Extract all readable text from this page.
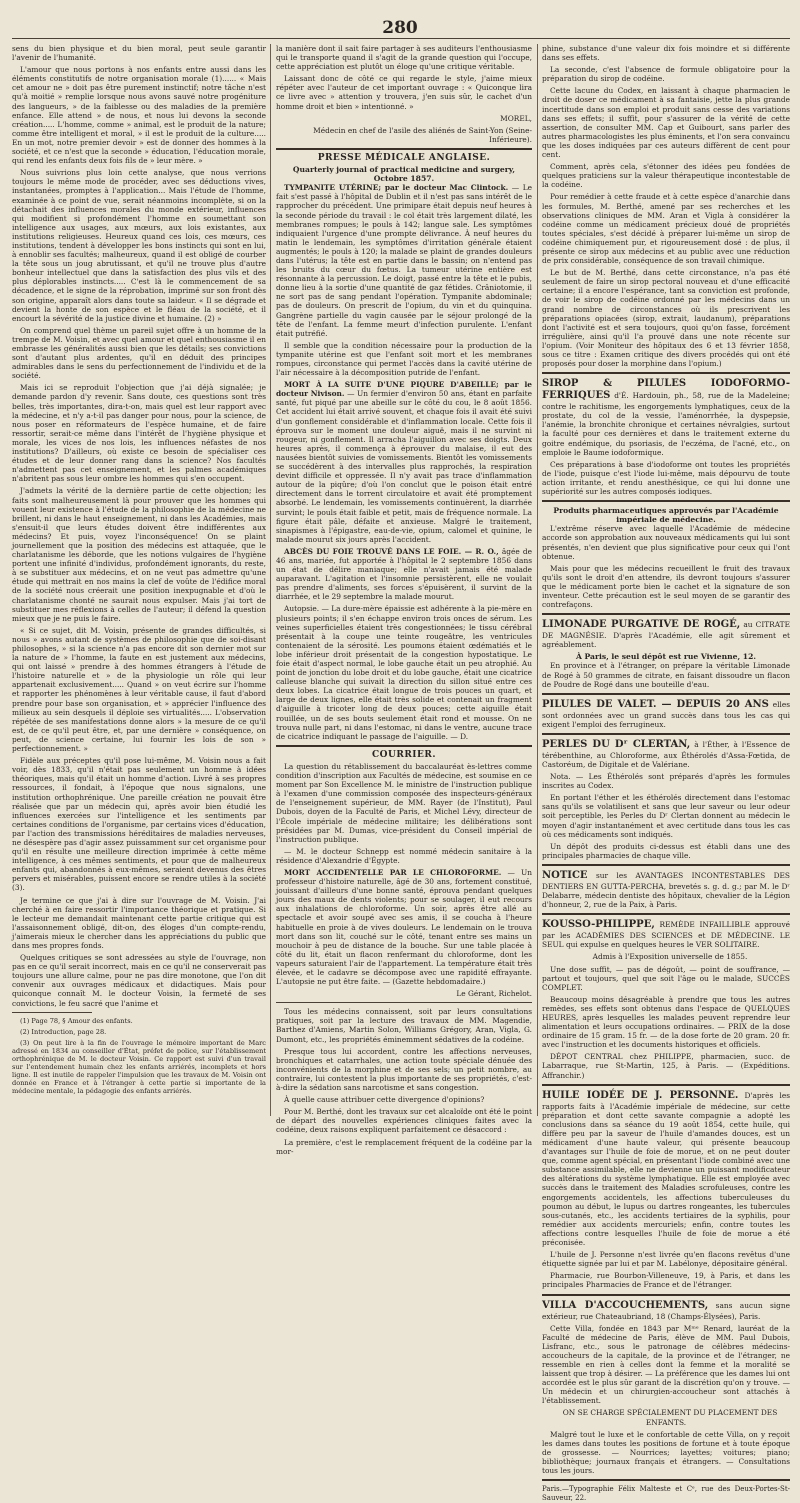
280

sens du bien physique et du bien moral, peut seule garantir l'avenir de l'humanité.

L'amour que nous portons à nos enfants entre aussi dans les éléments constitutifs de notre organisation morale (1)...... « Mais cet amour ne » doit pas être purement instinctif; notre tâche n'est qu'à moitié » remplie lorsque nous avons sauvé notre progéniture des langueurs, » de la faiblesse ou des maladies de la première enfance. Elle attend » de nous, et nous lui devons la seconde création..... L'homme, comme » animal, est le produit de la nature; comme être intelligent et moral, » il est le produit de la culture..... En un mot, notre premier devoir » est de donner des hommes à la société, et ce n'est que la seconde » éducation, l'éducation morale, qui rend les enfants deux fois fils de » leur mère. »

Nous suivrions plus loin cette analyse, que nous verrions toujours le même mode de procéder, avec ses déductions vives, instantanées, promptes à l'application... Mais l'étude de l'homme, examinée à ce point de vue, serait néanmoins incomplète, si on la détachait des influences morales du monde extérieur, influences qui modifient si profondément l'homme en soumettant son intelligence aux usages, aux mœurs, aux lois existantes, aux institutions religieuses. Heureux quand ces lois, ces mœurs, ces institutions, tendent à développer les bons instincts qui sont en lui, à ennoblir ses facultés; malheureux, quand il est obligé de courber la tête sous un joug abrutissant, et qu'il ne trouve plus d'autre bonheur intellectuel que dans la satisfaction des plus vils et des plus déplorables instincts..... C'est là le commencement de sa décadence, et le signe de la réprobation, imprimé sur son front dès son origine, apparaît alors dans toute sa laideur. « Il se dégrade et devient la honte de son espèce et le fléau de la société, et il encourt la sévérité de la justice divine et humaine. (2) »

On comprend quel thème un pareil sujet offre à un homme de la trempe de M. Voisin, et avec quel amour et quel enthousiasme il en embrasse les généralités aussi bien que les détails; ses convictions sont d'autant plus ardentes, qu'il en déduit des principes admirables dans le sens du perfectionnement de l'individu et de la société.

Mais ici se reproduit l'objection que j'ai déjà signalée; je demande pardon d'y revenir. Sans doute, ces questions sont très belles, très importantes, dira-t-on, mais quel est leur rapport avec la médecine, et n'y a-t-il pas danger pour nous, pour la science, de nous poser en réformateurs de l'espèce humaine, et de faire ressortir, serait-ce même dans l'intérêt de l'hygiène physique et morale, les vices de nos lois, les influences néfastes de nos institutions? D'ailleurs, où existe ce besoin de spécialiser ces études et de leur donner rang dans la science? Nos facultés n'admettent pas cet enseignement, et les palmes académiques n'abritent pas sous leur ombre les hommes qui s'en occupent.

J'admets la vérité de la dernière partie de cette objection; les faits sont malheureusement là pour prouver que les hommes qui vouent leur existence à l'étude de la philosophie de la médecine ne brillent, ni dans le haut enseignement, ni dans les Académies, mais s'ensuit-il que leurs études doivent être indifférentes aux médecins? Et puis, voyez l'inconséquence! On se plaint journellement que la position des médecins est attaquée, que le charlatanisme les déborde, que les notions vulgaires de l'hygiène portent une infinité d'individus, profondément ignorants, du reste, à se substituer aux médecins, et on ne veut pas admettre qu'une étude qui mettrait en nos mains la clef de voûte de l'édifice moral de la société nous créerait une position inexpugnable et d'où le charlatanisme chonté ne saurait nous expulser. Mais j'ai tort de substituer mes réflexions à celles de l'auteur; il défend la question mieux que je ne puis le faire.

« Si ce sujet, dit M. Voisin, présente de grandes difficultés, si nous » avons autant de systèmes de philosophie que de soi-disant philosophes, » si la science n'a pas encore dit son dernier mot sur la nature de » l'homme, la faute en est justement aux médecins, qui ont laissé » prendre à des hommes étrangers à l'étude de l'histoire naturelle et » de la physiologie un rôle qui leur appartenait exclusivement..... Quand » on veut écrire sur l'homme et rapporter les phénomènes à leur véritable cause, il faut d'abord prendre pour base son organisation, et » apprécier l'influence des milieux au sein desquels il déploie ses virtualités..... L'observation répétée de ses manifestations donne alors » la mesure de ce qu'il est, de ce qu'il peut être, et, par une dernière » conséquence, on peut, de science certaine, lui fournir les lois de son » perfectionnement. »

Fidèle aux préceptes qu'il pose lui-même, M. Voisin nous a fait voir, dès 1833, qu'il n'était pas seulement un homme à idées théoriques, mais qu'il était un homme d'action. Livré à ses propres ressources, il fondait, à l'époque que nous signalons, une institution orthophrénique. Une pareille création ne pouvait être réalisée que par un médecin qui, après avoir bien étudié les influences exercées sur l'intelligence et les sentiments par certaines conditions de l'organisme, par certains vices d'éducation, par l'action des transmissions héréditaires de maladies nerveuses, ne désespère pas d'agir assez puissamment sur cet organisme pour qu'il en résulte une meilleure direction imprimée à cette même intelligence, à ces mêmes sentiments, et pour que de malheureux enfants qui, abandonnés à eux-mêmes, seraient devenus des êtres pervers et misérables, puissent encore se rendre utiles à la société (3).

Je termine ce que j'ai à dire sur l'ouvrage de M. Voisin. J'ai cherché à en faire ressortir l'importance théorique et pratique. Si le lecteur me demandait maintenant cette partie critique qui est l'assaisonnement obligé, dit-on, des éloges d'un compte-rendu, j'aimerais mieux le chercher dans les appréciations du public que dans mes propres fonds.

Quelques critiques se sont adressées au style de l'ouvrage, non pas en ce qu'il serait incorrect, mais en ce qu'il ne conserverait pas toujours une allure calme, pour ne pas dire monotone, que l'on dit convenir aux ouvrages médicaux et didactiques. Mais pour quiconque connaît M. le docteur Voisin, la fermeté de ses convictions, le feu sacré que l'anime et

(1) Page 78, § Amour des enfants.

(2) Introduction, page 28.

(3) On peut lire à la fin de l'ouvrage le mémoire important de Marc adressé en 1834 au conseiller d'État, préfet de police, sur l'établissement orthophrénique de M. le docteur Voisin. Ce rapport est suivi d'un travail sur l'entendement humain chez les enfants arriérés, incomplets et hors ligne. Il est inutile de rappeler l'impulsion que les travaux de M. Voisin ont donnée en France et à l'étranger à cette partie si importante de la médecine mentale, la pédagogie des enfants arriérés.

la manière dont il sait faire partager à ses auditeurs l'enthousiasme qui le transporte quand il s'agit de la grande question qui l'occupe, cette appréciation est plutôt un éloge qu'une critique véritable.

Laissant donc de côté ce qui regarde le style, j'aime mieux répéter avec l'auteur de cet important ouvrage : « Quiconque lira ce livre avec » attention y trouvera, j'en suis sûr, le cachet d'un homme droit et bien » intentionné. »

MOREL,

Médecin en chef de l'asile des aliénés de Saint-Yon (Seine-Inférieure).

PRESSE MÉDICALE ANGLAISE.
Quarterly journal of practical medicine and surgery, Octobre 1857.

TYMPANITE UTÉRINE; par le docteur Mac Clintock. — Le fait s'est passé à l'hôpital de Dublin et il n'est pas sans intérêt de le rapprocher du précédent. Une primipare était depuis neuf heures à la seconde période du travail : le col était très largement dilaté, les membranes rompues; le pouls à 142; langue sale. Les symptômes indiquaient l'urgence d'une prompte délivrance. À neuf heures du matin le lendemain, les symptômes d'irritation générale étaient augmentés; le pouls à 120; la malade se plaint de grandes douleurs dans l'utérus; la tête est en partie dans le bassin; on n'entend pas les bruits du cœur du fœtus. La tumeur utérine entière est résonnante à la percussion. Le doigt, passé entre la tête et le pubis, donne lieu à la sortie d'une quantité de gaz fétides. Crâniotomie, il ne sort pas de sang pendant l'opération. Tympanite abdominale; pas de douleurs. On prescrit de l'opium, du vin et du quinquina. Gangrène partielle du vagin causée par le séjour prolongé de la tête de l'enfant. La femme meurt d'infection purulente. L'enfant était putréfié.

Il semble que la condition nécessaire pour la production de la tympanite utérine est que l'enfant soit mort et les membranes rompues, circonstance qui permet l'accès dans la cavité utérine de l'air nécessaire à la décomposition putride de l'enfant.

MORT À LA SUITE D'UNE PIQURE D'ABEILLE; par le docteur Nivison. — Un fermier d'environ 50 ans, étant en parfaite santé, fut piqué par une abeille sur le côté du cou, le 8 août 1856. Cet accident lui était arrivé souvent, et chaque fois il avait été suivi d'un gonflement considérable et d'inflammation locale. Cette fois il éprouva sur le moment une douleur aiguë, mais il ne survint ni rougeur, ni gonflement. Il arracha l'aiguillon avec ses doigts. Deux heures après, il commença à éprouver du malaise, il eut des nausées bientôt suivies de vomissements. Bientôt les vomissements se succédèrent à des intervalles plus rapprochés, la respiration devint difficile et oppressée. Il n'y avait pas trace d'inflammation autour de la piqûre; d'où l'on conclut que le poison était entré directement dans le torrent circulatoire et avait été promptement absorbé. Le lendemain, les vomissements continuèrent, la diarrhée survint; le pouls était faible et petit, mais de fréquence normale. La figure était pâle, défaite et anxieuse. Malgré le traitement, sinapismes à l'épigastre, eau-de-vie, opium, calomel et quinine, le malade mourut six jours après l'accident.

ABCÈS DU FOIE TROUVÉ DANS LE FOIE. — R. O., âgée de 46 ans, mariée, fut apportée à l'hôpital le 2 septembre 1856 dans un état de délire maniaque; elle n'avait jamais été malade auparavant. L'agitation et l'insomnie persistèrent, elle ne voulait pas prendre d'aliments, ses forces s'épuisèrent, il survint de la diarrhée, et le 29 septembre la malade mourut.

Autopsie. — La dure-mère épaissie est adhérente à la pie-mère en plusieurs points; il s'en échappe environ trois onces de sérum. Les veines superficielles étaient très congestionnées; le tissu cérébral présentait à la coupe une teinte rougeâtre, les ventricules contenaient de la sérosité. Les poumons étaient œdématiés et le lobe inférieur droit présentait de la congestion hypostatique. Le foie était d'aspect normal, le lobe gauche était un peu atrophié. Au point de jonction du lobe droit et du lobe gauche, était une cicatrice calleuse blanche qui suivait la direction du sillon situé entre ces deux lobes. La cicatrice était longue de trois pouces un quart, et large de deux lignes, elle était très solide et contenait un fragment d'aiguille à tricoter long de deux pouces; cette aiguille était rouillée, un de ses bouts seulement était rond et mousse. On ne trouva nulle part, ni dans l'estomac, ni dans le ventre, aucune trace de cicatrice indiquant le passage de l'aiguille. — D.

COURRIER.

La question du rétablissement du baccalauréat ès-lettres comme condition d'inscription aux Facultés de médecine, est soumise en ce moment par Son Excellence M. le ministre de l'instruction publique à l'examen d'une commission composée des inspecteurs-généraux de l'enseignement supérieur, de MM. Rayer (de l'Institut), Paul Dubois, doyen de la Faculté de Paris, et Michel Lévy, directeur de l'École impériale de médecine militaire; les délibérations sont présidées par M. Dumas, vice-président du Conseil impérial de l'instruction publique.

— M. le docteur Schnepp est nommé médecin sanitaire à la résidence d'Alexandrie d'Égypte.

MORT ACCIDENTELLE PAR LE CHLOROFORME. — Un professeur d'histoire naturelle, âgé de 30 ans, fortement constitué, jouissant d'ailleurs d'une bonne santé, éprouva pendant quelques jours des maux de dents violents; pour se soulager, il eut recours aux inhalations de chloroforme. Un soir, après être allé au spectacle et avoir soupé avec ses amis, il se coucha à l'heure habituelle en proie à de vives douleurs. Le lendemain on le trouva mort dans son lit, couché sur le côté, tenant entre ses mains un mouchoir à peu de distance de la bouche. Sur une table placée à côté du lit, était un flacon renfermant du chloroforme, dont les vapeurs saturaient l'air de l'appartement. La température était très élevée, et le cadavre se décompose avec une rapidité effrayante. L'autopsie ne put être faite. — (Gazette hebdomadaire.)

Le Gérant, Richelot.

Tous les médecins connaissent, soit par leurs consultations pratiques, soit par la lecture des travaux de MM. Magendie, Barthez d'Amiens, Martin Solon, Williams Grégory, Aran, Vigla, G. Dumont, etc., les propriétés éminemment sédatives de la codéine.

Presque tous lui accordent, contre les affections nerveuses, bronchiques et catarrhales, une action toute spéciale dénuée des inconvénients de la morphine et de ses sels; un petit nombre, au contraire, lui contestent la plus importante de ses propriétés, c'est-à-dire la sédation sans narcotisme et sans congestion.

À quelle cause attribuer cette divergence d'opinions?

Pour M. Berthé, dont les travaux sur cet alcaloïde ont été le point de départ des nouvelles expériences cliniques faites avec la codéine, deux raisons expliquent parfaitement ce désaccord :

La première, c'est le remplacement fréquent de la codéine par la mor-

phine, substance d'une valeur dix fois moindre et si différente dans ses effets.

La seconde, c'est l'absence de formule obligatoire pour la préparation du sirop de codéine.

Cette lacune du Codex, en laissant à chaque pharmacien le droit de doser ce médicament à sa fantaisie, jette la plus grande incertitude dans son emploi et produit sans cesse des variations dans ses effets; il suffit, pour s'assurer de la vérité de cette assertion, de consulter MM. Cap et Guibourt, sans parler des autres pharmacologistes les plus éminents, et l'on sera convaincu que les doses indiquées par ces auteurs diffèrent de cent pour cent.

Comment, après cela, s'étonner des idées peu fondées de quelques praticiens sur la valeur thérapeutique incontestable de la codéine.

Pour remédier à cette fraude et à cette espèce d'anarchie dans les formules, M. Berthé, amené par ses recherches et les observations cliniques de MM. Aran et Vigla à considérer la codéine comme un médicament précieux doué de propriétés toutes spéciales, s'est décidé à préparer lui-même un sirop de codéine chimiquement pur, et rigoureusement dosé : de plus, il présente ce sirop aux médecins et au public avec une réduction de prix considérable, conséquence de son travail chimique.

Le but de M. Berthé, dans cette circonstance, n'a pas été seulement de faire un sirop pectoral nouveau et d'une efficacité certaine; il a encore l'espérance, tant sa conviction est profonde, de voir le sirop de codéine ordonné par les médecins dans un grand nombre de circonstances où ils prescrivent les préparations opiacées (sirop, extrait, laudanum), préparations dont l'activité est et sera toujours, quoi qu'on fasse, forcément irrégulière, ainsi qu'il l'a prouvé dans une note récente sur l'opium. (Voir Moniteur des hôpitaux des 6 et 13 février 1858, sous ce titre : Examen critique des divers procédés qui ont été proposés pour doser la morphine dans l'opium.)

SIROP & PILULES IODOFORMO-FERRIQUES d'É. Hardouin, ph., 58, rue de la Madeleine; contre le rachitisme, les engorgements lymphatiques, ceux de la prostate, du col de la vessie, l'aménorrhée, la dyspepsie, l'anémie, la bronchite chronique et certaines névralgies, surtout la faculté pour ces dernières et dans le traitement externe du goitre endémique, du psoriasis, de l'eczéma, de l'acné, etc., on emploie le Baume iodoformique.

Ces préparations à base d'iodoforme ont toutes les propriétés de l'iode, puisque c'est l'iode lui-même, mais dépourvu de toute action irritante, et rendu anesthésique, ce qui lui donne une supériorité sur les autres composés iodiques.

Produits pharmaceutiques approuvés par l'Académie impériale de médecine.

L'extrême réserve avec laquelle l'Académie de médecine accorde son approbation aux nouveaux médicaments qui lui sont présentés, n'en devient que plus significative pour ceux qui l'ont obtenue.

Mais pour que les médecins recueillent le fruit des travaux qu'ils sont le droit d'en attendre, ils devront toujours s'assurer que le médicament porte bien le cachet et la signature de son inventeur. Cette précaution est le seul moyen de se garantir des contrefaçons.

LIMONADE PURGATIVE DE ROGÉ, au CITRATE DE MAGNÉSIE. D'après l'Académie, elle agit sûrement et agréablement.

À Paris, le seul dépôt est rue Vivienne, 12.

En province et à l'étranger, on prépare la véritable Limonade de Rogé à 50 grammes de citrate, en faisant dissoudre un flacon de Poudre de Rogé dans une bouteille d'eau.

PILULES DE VALET. — DEPUIS 20 ANS elles sont ordonnées avec un grand succès dans tous les cas qui exigent l'emploi des ferrugineux.

PERLES DU Dʳ CLERTAN, à l'Éther, à l'Essence de térébenthine, au Chloroforme, aux Éthérolés d'Assa-Fœtida, de Castoréum, de Digitale et de Valériane.

Nota. — Les Éthérolés sont préparés d'après les formules inscrites au Codex.

En portant l'éther et les éthérolés directement dans l'estomac sans qu'ils se volatilisent et sans que leur saveur ou leur odeur soit perceptible, les Perles du Dʳ Clertan donnent au médecin le moyen d'agir instantanément et avec certitude dans tous les cas où ces médicaments sont indiqués.

Un dépôt des produits ci-dessus est établi dans une des principales pharmacies de chaque ville.

NOTICE sur les AVANTAGES INCONTESTABLES DES DENTIERS EN GUTTA-PERCHA, brevetés s. g. d. g.; par M. le Dʳ Delabarre, médecin dentiste des hôpitaux, chevalier de la Légion d'honneur, 2, rue de la Paix, à Paris.

KOUSSO-PHILIPPE, REMÈDE INFAILLIBLE approuvé par les ACADÉMIES DES SCIENCES et DE MÉDECINE. LE SEUL qui expulse en quelques heures le VER SOLITAIRE.

Admis à l'Exposition universelle de 1855.

Une dose suffit, — pas de dégoût, — point de souffrance, — partout et toujours, quel que soit l'âge ou le malade, SUCCÈS COMPLET.

Beaucoup moins désagréable à prendre que tous les autres remèdes, ses effets sont obtenus dans l'espace de QUELQUES HEURES, après lesquelles les malades peuvent reprendre leur alimentation et leurs occupations ordinaires. — PRIX de la dose ordinaire de 15 gram. 15 fr. — de la dose forte de 20 gram. 20 fr. avec l'instruction et les documents historiques et officiels.

DÉPOT CENTRAL chez PHILIPPE, pharmacien, succ. de Labarraque, rue St-Martin, 125, à Paris. — (Expéditions. Affranchir.)

HUILE IODÉE DE J. PERSONNE. D'après les rapports faits à l'Académie impériale de médecine, sur cette préparation et dont cette savante compagnie a adopté les conclusions dans sa séance du 19 août 1854, cette huile, qui diffère peu par la saveur de l'huile d'amandes douces, est un médicament d'une haute valeur, qui présente beaucoup d'avantages sur l'huile de foie de morue, et on ne peut douter que, comme agent spécial, en présentant l'iode combiné avec une substance assimilable, elle ne devienne un puissant modificateur des altérations du système lymphatique. Elle est employée avec succès dans le traitement des Maladies scrofuleuses, contre les engorgements accidentels, les affections tuberculeuses du poumon au début, le lupus ou dartres rongeantes, les tubercules sous-cutanés, etc., les accidents tertiaires de la syphilis, pour remédier aux accidents mercuriels; enfin, contre toutes les affections contre lesquelles l'huile de foie de morue a été préconisée.

L'huile de J. Personne n'est livrée qu'en flacons revêtus d'une étiquette signée par lui et par M. Labélonye, dépositaire général.

Pharmacie, rue Bourbon-Villeneuve, 19, à Paris, et dans les principales Pharmacies de France et de l'étranger.

VILLA D'ACCOUCHEMENTS, sans aucun signe extérieur, rue Chateaubriand, 18 (Champs-Élysées), Paris.

Cette Villa, fondée en 1843 par Mᵐᵉ Renard, lauréat de la Faculté de médecine de Paris, élève de MM. Paul Dubois, Lisfranc, etc., sous le patronage de célèbres médecins-accoucheurs de la capitale, de la province et de l'étranger, ne ressemble en rien à celles dont la femme et la moralité se laissent que trop à désirer. — La préférence que les dames lui ont accordée est le plus sûr garant de la discrétion qu'on y trouve. — Un médecin et un chirurgien-accoucheur sont attachés à l'établissement.

ON SE CHARGE SPÉCIALEMENT DU PLACEMENT DES ENFANTS.

Malgré tout le luxe et le confortable de cette Villa, on y reçoit les dames dans toutes les positions de fortune et à toute époque de grossesse. — Nourrices; layettes; voitures; piano; bibliothèque; journaux français et étrangers. — Consultations tous les jours.

Paris.—Typographie Félix Malteste et Cᵉ, rue des Deux-Portes-St-Sauveur, 22.
